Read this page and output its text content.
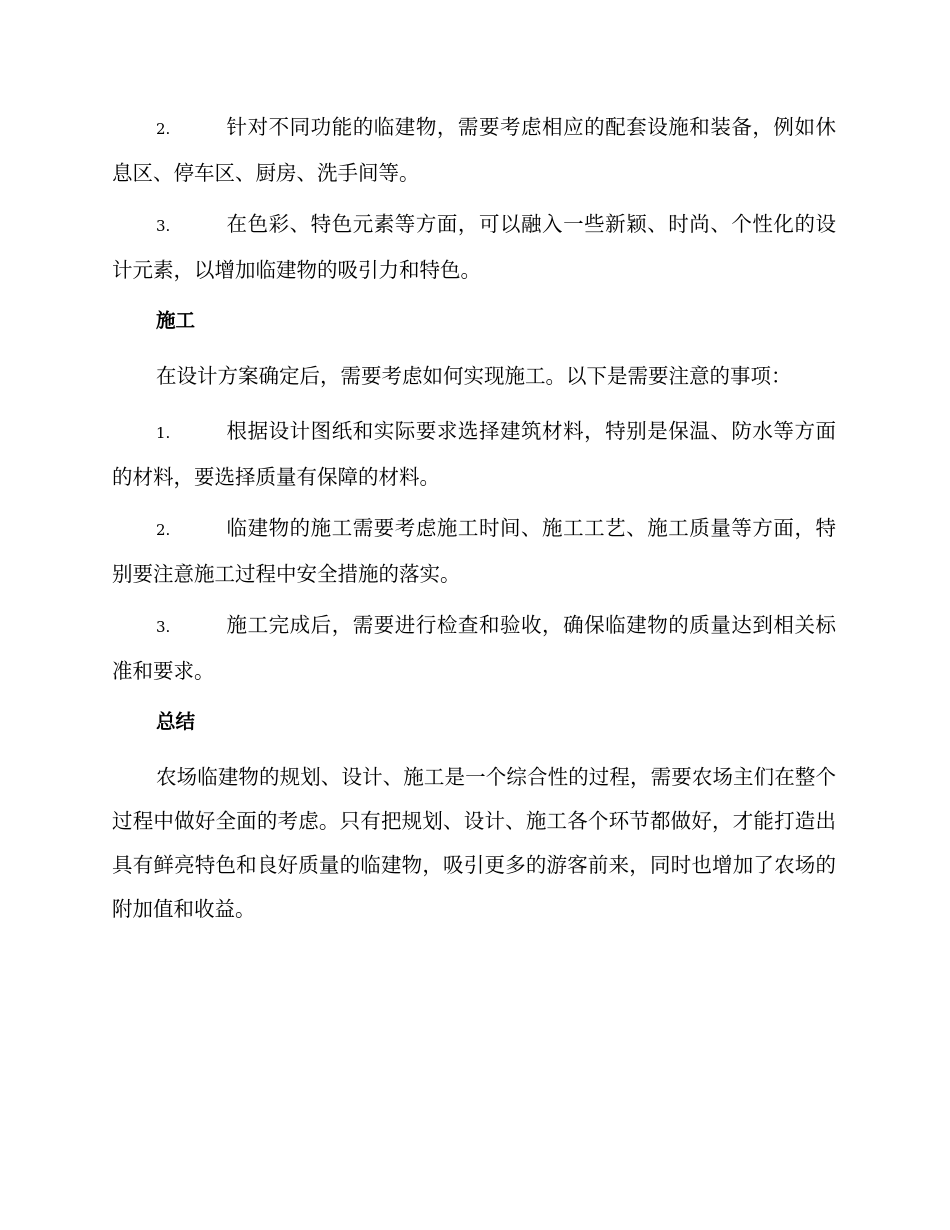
2.	针对不同功能的临建物，需要考虑相应的配套设施和装备，例如休息区、停车区、厨房、洗手间等。

3.	在色彩、特色元素等方面，可以融入一些新颖、时尚、个性化的设计元素，以增加临建物的吸引力和特色。

施工

在设计方案确定后，需要考虑如何实现施工。以下是需要注意的事项：

1.	根据设计图纸和实际要求选择建筑材料，特别是保温、防水等方面的材料，要选择质量有保障的材料。

2.	临建物的施工需要考虑施工时间、施工工艺、施工质量等方面，特别要注意施工过程中安全措施的落实。

3.	施工完成后，需要进行检查和验收，确保临建物的质量达到相关标准和要求。

总结

农场临建物的规划、设计、施工是一个综合性的过程，需要农场主们在整个过程中做好全面的考虑。只有把规划、设计、施工各个环节都做好，才能打造出具有鲜亮特色和良好质量的临建物，吸引更多的游客前来，同时也增加了农场的附加值和收益。
